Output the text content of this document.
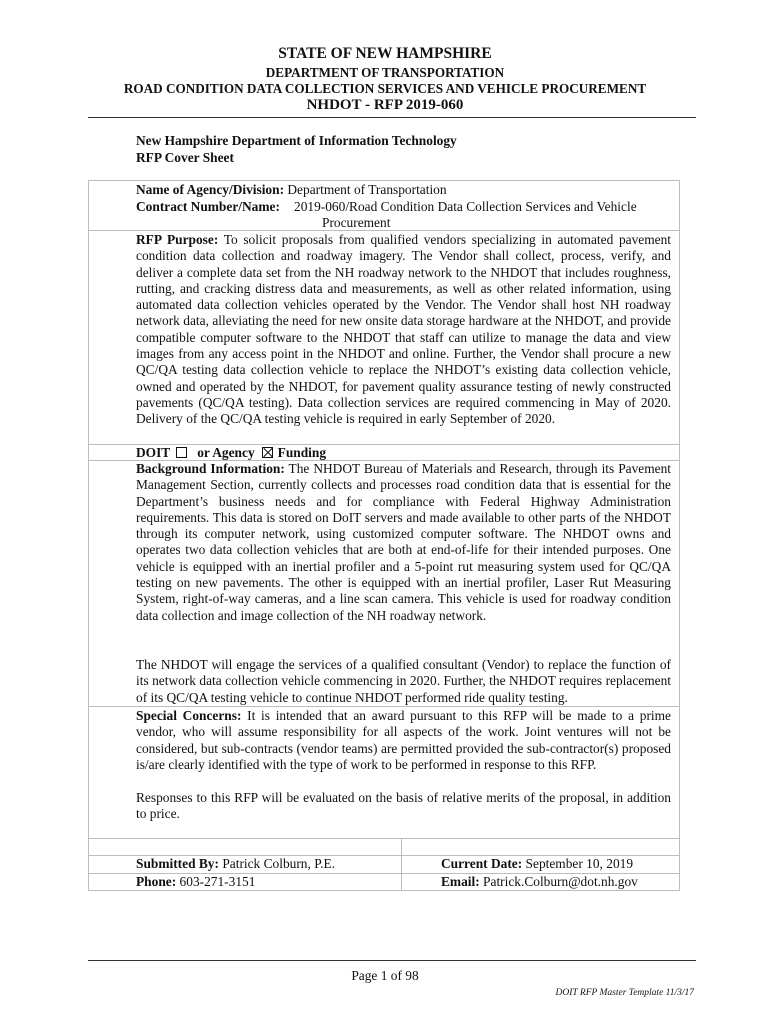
STATE OF NEW HAMPSHIRE
DEPARTMENT OF TRANSPORTATION
ROAD CONDITION DATA COLLECTION SERVICES AND VEHICLE PROCUREMENT
NHDOT - RFP 2019-060
New Hampshire Department of Information Technology
RFP Cover Sheet
Name of Agency/Division: Department of Transportation
Contract Number/Name: 2019-060/Road Condition Data Collection Services and Vehicle
Procurement
RFP Purpose: To solicit proposals from qualified vendors specializing in automated pavement condition data collection and roadway imagery. The Vendor shall collect, process, verify, and deliver a complete data set from the NH roadway network to the NHDOT that includes roughness, rutting, and cracking distress data and measurements, as well as other related information, using automated data collection vehicles operated by the Vendor. The Vendor shall host NH roadway network data, alleviating the need for new onsite data storage hardware at the NHDOT, and provide compatible computer software to the NHDOT that staff can utilize to manage the data and view images from any access point in the NHDOT and online. Further, the Vendor shall procure a new QC/QA testing data collection vehicle to replace the NHDOT’s existing data collection vehicle, owned and operated by the NHDOT, for pavement quality assurance testing of newly constructed pavements (QC/QA testing). Data collection services are required commencing in May of 2020. Delivery of the QC/QA testing vehicle is required in early September of 2020.
DOIT or Agency Funding
Background Information: The NHDOT Bureau of Materials and Research, through its Pavement Management Section, currently collects and processes road condition data that is essential for the Department’s business needs and for compliance with Federal Highway Administration requirements. This data is stored on DoIT servers and made available to other parts of the NHDOT through its computer network, using customized computer software. The NHDOT owns and operates two data collection vehicles that are both at end-of-life for their intended purposes. One vehicle is equipped with an inertial profiler and a 5-point rut measuring system used for QC/QA testing on new pavements. The other is equipped with an inertial profiler, Laser Rut Measuring System, right-of-way cameras, and a line scan camera. This vehicle is used for roadway condition data collection and image collection of the NH roadway network.
The NHDOT will engage the services of a qualified consultant (Vendor) to replace the function of its network data collection vehicle commencing in 2020. Further, the NHDOT requires replacement of its QC/QA testing vehicle to continue NHDOT performed ride quality testing.
Special Concerns: It is intended that an award pursuant to this RFP will be made to a prime vendor, who will assume responsibility for all aspects of the work. Joint ventures will not be considered, but sub-contracts (vendor teams) are permitted provided the sub-contractor(s) proposed is/are clearly identified with the type of work to be performed in response to this RFP.
Responses to this RFP will be evaluated on the basis of relative merits of the proposal, in addition to price.
Submitted By: Patrick Colburn, P.E.
Phone: 603-271-3151
Current Date: September 10, 2019
Email: Patrick.Colburn@dot.nh.gov
Page 1 of 98
DOIT RFP Master Template 11/3/17
